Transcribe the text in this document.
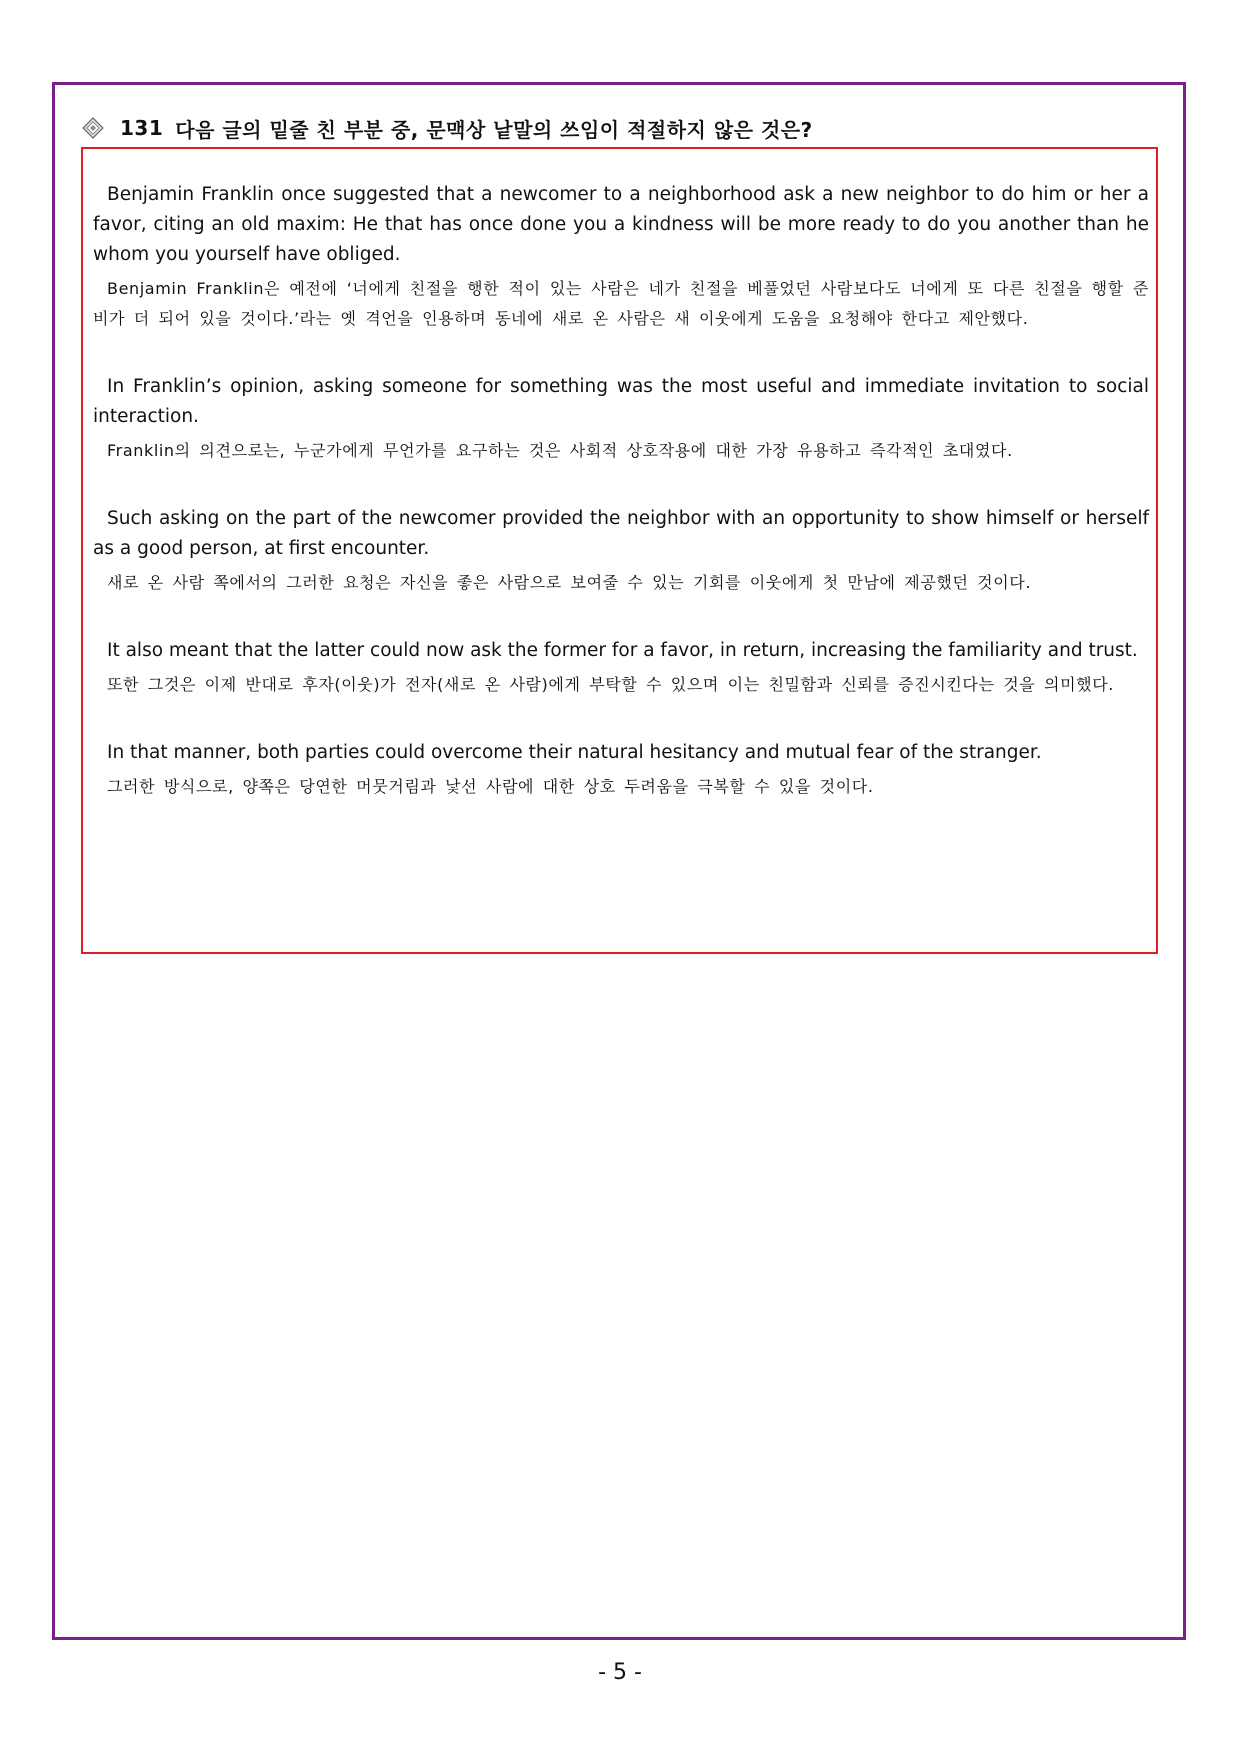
131 다음 글의 밑줄 친 부분 중, 문맥상 낱말의 쓰임이 적절하지 않은 것은?

Benjamin Franklin once suggested that a newcomer to a neighborhood ask a new neighbor to do him or her a favor, citing an old maxim: He that has once done you a kindness will be more ready to do you another than he whom you yourself have obliged.

Benjamin Franklin은 예전에 ‘너에게 친절을 행한 적이 있는 사람은 네가 친절을 베풀었던 사람보다도 너에게 또 다른 친절을 행할 준비가 더 되어 있을 것이다.’라는 옛 격언을 인용하며 동네에 새로 온 사람은 새 이웃에게 도움을 요청해야 한다고 제안했다.

In Franklin’s opinion, asking someone for something was the most useful and immediate invitation to social interaction.

Franklin의 의견으로는, 누군가에게 무언가를 요구하는 것은 사회적 상호작용에 대한 가장 유용하고 즉각적인 초대였다.

Such asking on the part of the newcomer provided the neighbor with an opportunity to show himself or herself as a good person, at first encounter.

새로 온 사람 쪽에서의 그러한 요청은 자신을 좋은 사람으로 보여줄 수 있는 기회를 이웃에게 첫 만남에 제공했던 것이다.

It also meant that the latter could now ask the former for a favor, in return, increasing the familiarity and trust.

또한 그것은 이제 반대로 후자(이웃)가 전자(새로 온 사람)에게 부탁할 수 있으며 이는 친밀함과 신뢰를 증진시킨다는 것을 의미했다.

In that manner, both parties could overcome their natural hesitancy and mutual fear of the stranger.

그러한 방식으로, 양쪽은 당연한 머뭇거림과 낯선 사람에 대한 상호 두려움을 극복할 수 있을 것이다.

- 5 -
